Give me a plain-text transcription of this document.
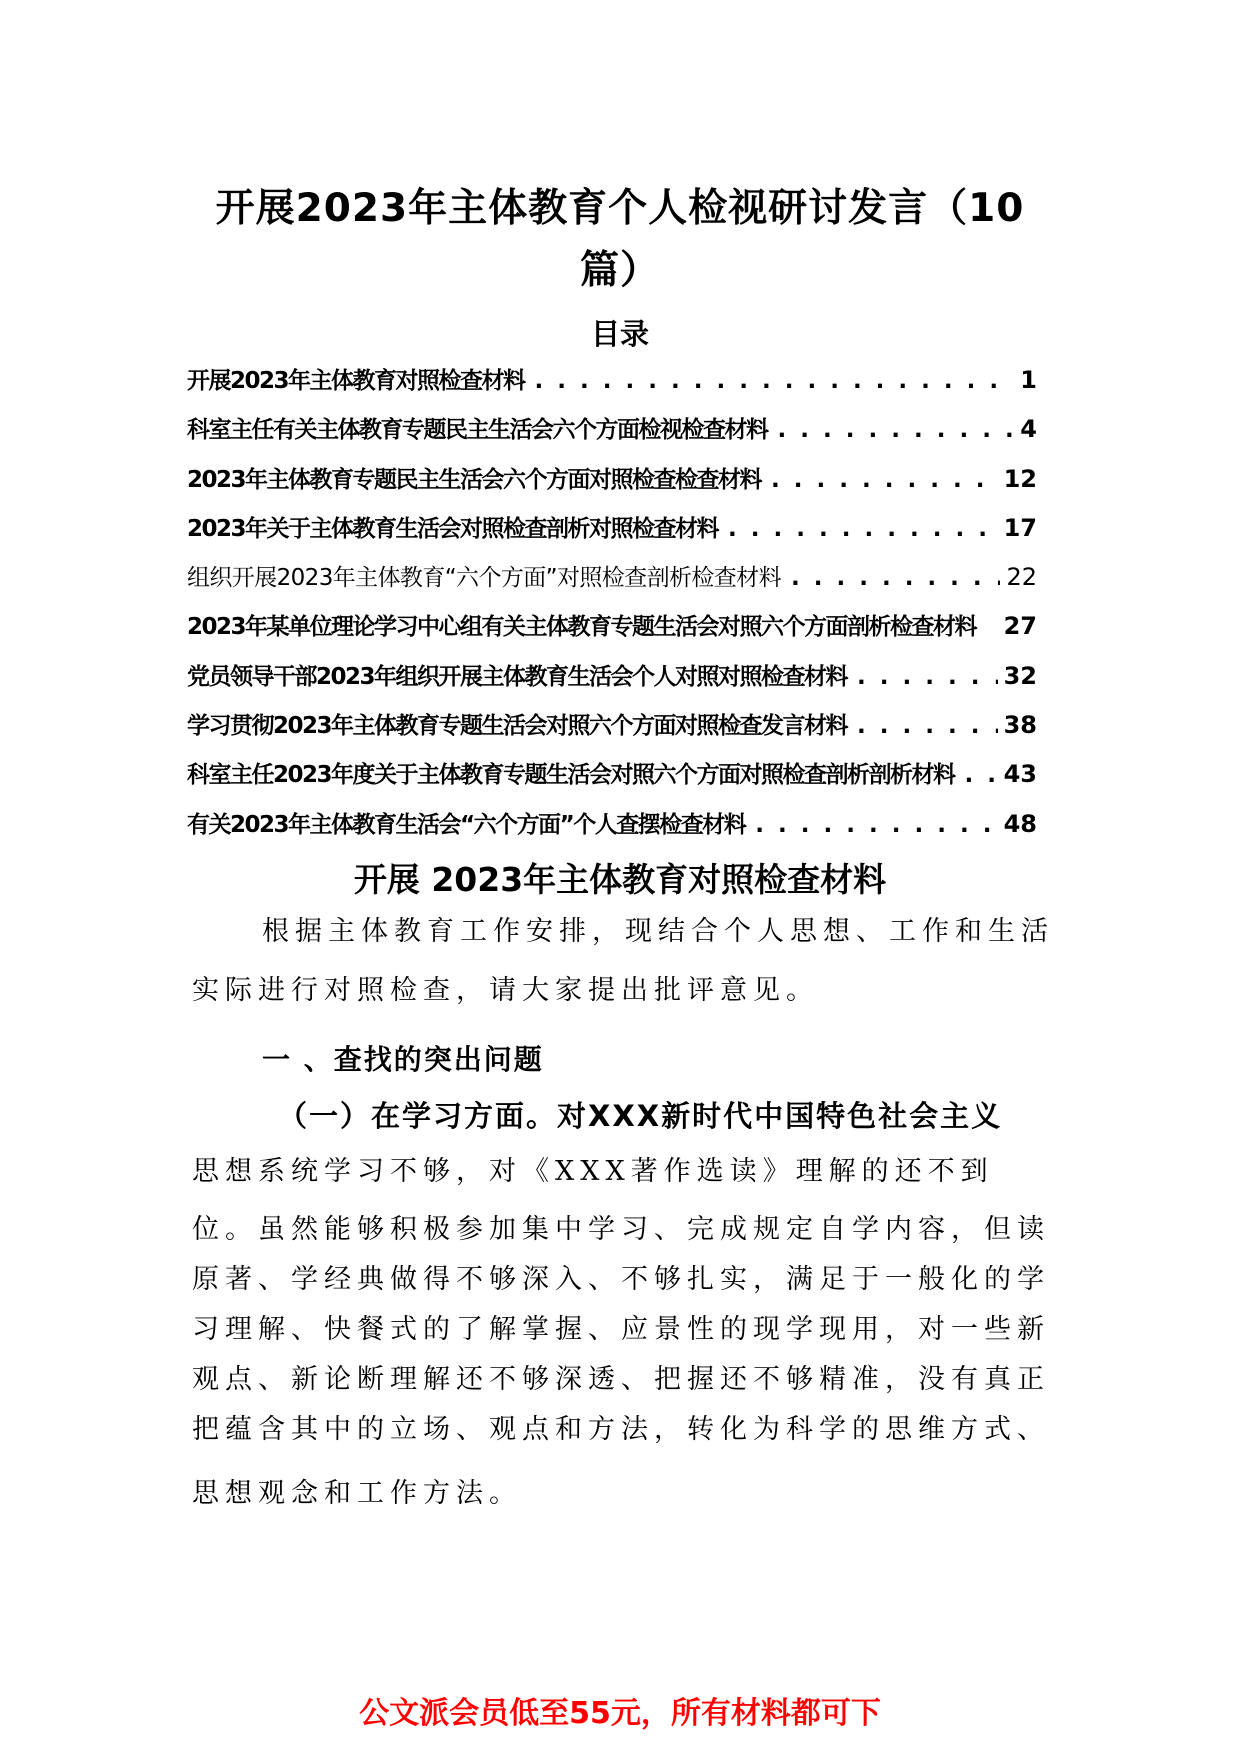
开展2023年主体教育个人检视研讨发言（10
篇）
目录
开展2023年主体教育对照检查材料 . . .	1
科室主任有关主体教育专题民主生活会六个方面检视检查材料 . . .	4
2023年主体教育专题民主生活会六个方面对照检查检查材料 . . .	12
2023年关于主体教育生活会对照检查剖析对照检查材料 . . .	17
组织开展2023年主体教育“六个方面”对照检查剖析检查材料 . . .	22
2023年某单位理论学习中心组有关主体教育专题生活会对照六个方面剖析检查材料 27
党员领导干部2023年组织开展主体教育生活会个人对照对照检查材料 . . .	32
学习贯彻2023年主体教育专题生活会对照六个方面对照检查发言材料 . . .	38
科室主任2023年度关于主体教育专题生活会对照六个方面对照检查剖析剖析材料 . . . 43
有关2023年主体教育生活会“六个方面”个人查摆检查材料 . . .	48
开展 2023年主体教育对照检查材料

根据主体教育工作安排，现结合个人思想、工作和生活

实际进行对照检查，请大家提出批评意见。

一 、查找的突出问题
（一）在学习方面。对XXX新时代中国特色社会主义

思想系统学习不够，对《XXX著作选读》理解的还不到

位。虽然能够积极参加集中学习、完成规定自学内容，但读
原著、学经典做得不够深入、不够扎实，满足于一般化的学
习理解、快餐式的了解掌握、应景性的现学现用，对一些新
观点、新论断理解还不够深透、把握还不够精准，没有真正
把蕴含其中的立场、观点和方法，转化为科学的思维方式、
思想观念和工作方法。

公文派会员低至55元，所有材料都可下
